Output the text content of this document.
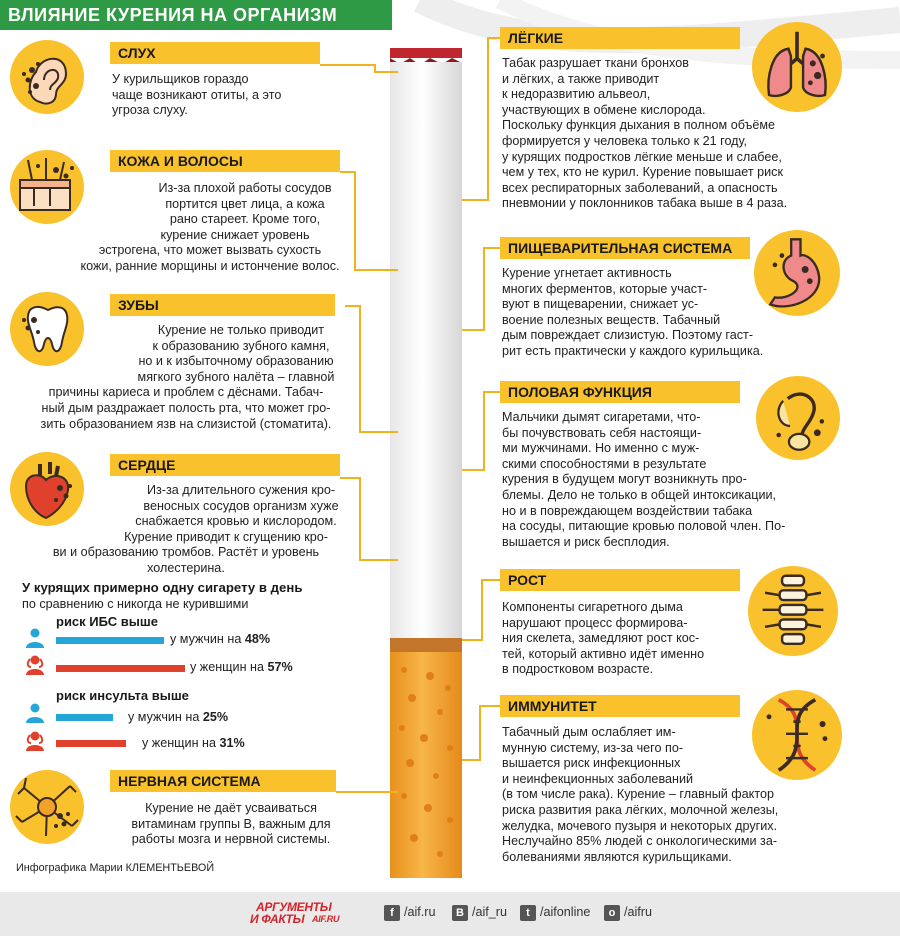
ВЛИЯНИЕ КУРЕНИЯ НА ОРГАНИЗМ
СЛУХ
У курильщиков гораздо
чаще возникают отиты, а это
угроза слуху.
КОЖА И ВОЛОСЫ
Из-за плохой работы сосудов
портится цвет лица, а кожа
рано стареет. Кроме того,
курение снижает уровень
эстрогена, что может вызвать сухость
кожи, ранние морщины и истончение волос.
ЗУБЫ
Курение не только приводит
к образованию зубного камня,
но и к избыточному образованию
мягкого зубного налёта – главной
причины кариеса и проблем с дёснами. Табач-
ный дым раздражает полость рта, что может гро-
зить образованием язв на слизистой (стоматита).
СЕРДЦЕ
Из-за длительного сужения кро-
веносных сосудов организм хуже
снабжается кровью и кислородом.
Курение приводит к сгущению кро-
ви и образованию тромбов. Растёт и уровень
холестерина.
У курящих примерно одну сигарету в день
по сравнению с никогда не курившими
риск ИБС выше
у мужчин на 48%
у женщин на 57%
риск инсульта выше
у мужчин на 25%
у женщин на 31%
НЕРВНАЯ СИСТЕМА
Курение не даёт усваиваться
витаминам группы B, важным для
работы мозга и нервной системы.
Инфографика Марии КЛЕМЕНТЬЕВОЙ
ЛЁГКИЕ
Табак разрушает ткани бронхов
и лёгких, а также приводит
к недоразвитию альвеол,
участвующих в обмене кислорода.
Поскольку функция дыхания в полном объёме
формируется у человека только к 21 году,
у курящих подростков лёгкие меньше и слабее,
чем у тех, кто не курил. Курение повышает риск
всех респираторных заболеваний, а опасность
пневмонии у поклонников табака выше в 4 раза.
ПИЩЕВАРИТЕЛЬНАЯ СИСТЕМА
Курение угнетает активность
многих ферментов, которые участ-
вуют в пищеварении, снижает ус-
воение полезных веществ. Табачный
дым повреждает слизистую. Поэтому гаст-
рит есть практически у каждого курильщика.
ПОЛОВАЯ ФУНКЦИЯ
Мальчики дымят сигаретами, что-
бы почувствовать себя настоящи-
ми мужчинами. Но именно с муж-
скими способностями в результате
курения в будущем могут возникнуть про-
блемы. Дело не только в общей интоксикации,
но и в повреждающем воздействии табака
на сосуды, питающие кровью половой член. По-
вышается и риск бесплодия.
РОСТ
Компоненты сигаретного дыма
нарушают процесс формирова-
ния скелета, замедляют рост кос-
тей, который активно идёт именно
в подростковом возрасте.
ИММУНИТЕТ
Табачный дым ослабляет им-
мунную систему, из-за чего по-
вышается риск инфекционных
и неинфекционных заболеваний
(в том числе рака). Курение – главный фактор
риска развития рака лёгких, молочной железы,
желудка, мочевого пузыря и некоторых других.
Неслучайно 85% людей с онкологическими за-
болеваниями являются курильщиками.
АРГУМЕНТЫ
И ФАКТЫ AIF.RU
f /aif.ru	В /aif_ru	t /aifonline	о /aifru
